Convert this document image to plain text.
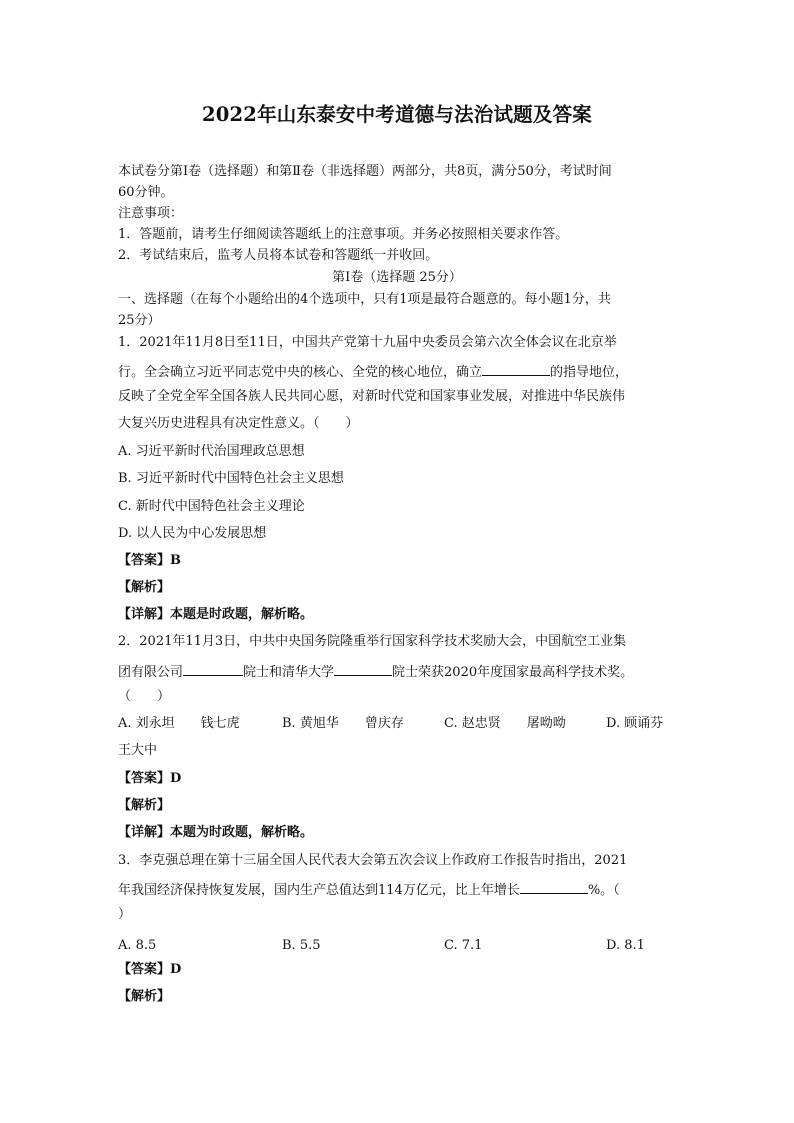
2022年山东泰安中考道德与法治试题及答案
本试卷分第Ⅰ卷（选择题）和第Ⅱ卷（非选择题）两部分，共8页，满分50分，考试时间
60分钟。
注意事项：
1．答题前，请考生仔细阅读答题纸上的注意事项。并务必按照相关要求作答。
2．考试结束后，监考人员将本试卷和答题纸一并收回。
第Ⅰ卷（选择题 25分）
一、选择题（在每个小题给出的4个选项中，只有1项是最符合题意的。每小题1分，共
25分）
1．2021年11月8日至11日，中国共产党第十九届中央委员会第六次全体会议在北京举
行。全会确立习近平同志党中央的核心、全党的核心地位，确立	的指导地位，
反映了全党全军全国各族人民共同心愿，对新时代党和国家事业发展，对推进中华民族伟
大复兴历史进程具有决定性意义。（　　）
A. 习近平新时代治国理政总思想
B. 习近平新时代中国特色社会主义思想
C. 新时代中国特色社会主义理论
D. 以人民为中心发展思想
【答案】B
【解析】
【详解】本题是时政题，解析略。
2．2021年11月3日，中共中央国务院隆重举行国家科学技术奖励大会，中国航空工业集
团有限公司	院士和清华大学	院士荣获2020年度国家最高科学技术奖。
（　　）
A. 刘永坦　　钱七虎	B. 黄旭华　　曾庆存	C. 赵忠贤　　屠呦呦	D. 顾诵芬
王大中
【答案】D
【解析】
【详解】本题为时政题，解析略。
3．李克强总理在第十三届全国人民代表大会第五次会议上作政府工作报告时指出，2021
年我国经济保持恢复发展，国内生产总值达到114万亿元，比上年增长	%。（
）
A. 8.5	B. 5.5	C. 7.1	D. 8.1
【答案】D
【解析】
